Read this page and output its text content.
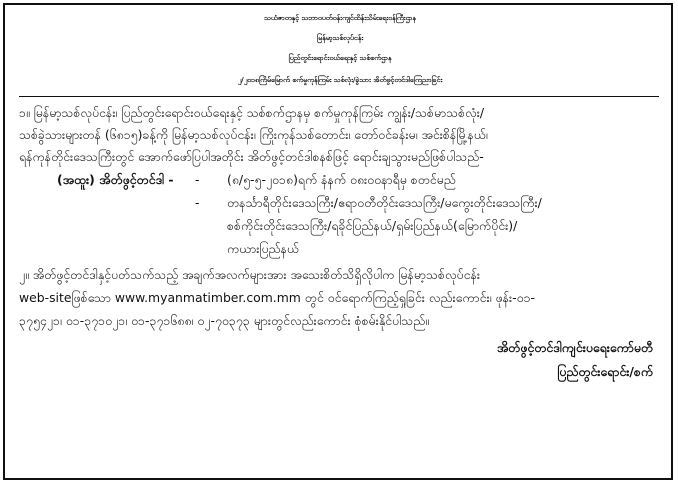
သယံဇာတနှင့် သဘာဝပတ်ဝန်းကျင်ထိန်းသိမ်းရေးဝန်ကြီးဌာန
မြန်မာ့သစ်လုပ်ငန်း
ပြည်တွင်းရောင်းဝယ်ရေးနှင့် သစ်စက်ဌာန
၂/၂၀၁၈ကြိမ်မြောက် စက်မှုကုန်ကြမ်း သစ်လုံး/ခွဲသား အိတ်ဖွင့်တင်ဒါကြေညာခြင်း
၁။ မြန်မာ့သစ်လုပ်ငန်း၊ ပြည်တွင်းရောင်းဝယ်ရေးနှင့် သစ်စက်ဌာနမှ စက်မှုကုန်ကြမ်း ကျွန်း/သစ်မာသစ်လုံး/
သစ်ခွဲသားများတန် (၆၈၁၅)ခန့်ကို မြန်မာ့သစ်လုပ်ငန်း၊ ကြိုးကုန်သစ်တောင်း၊ တော်ဝင်ခန်းမ၊ အင်းစိန်မြို့နယ်၊
ရန်ကုန်တိုင်းဒေသကြီးတွင် အောက်ဖော်ပြပါအတိုင်း အိတ်ဖွင့်တင်ဒါစနစ်ဖြင့် ရောင်းချသွားမည်ဖြစ်ပါသည်-
(အထူး) အိတ်ဖွင့်တင်ဒါ - - (၈/၅-၅-၂၀၁၈)ရက် နံနက် ၀၈း၀၀နာရီမှ စတင်မည်
- တနင်္သာရီတိုင်းဒေသကြီး/ဧရာဝတီတိုင်းဒေသကြီး/မကွေးတိုင်းဒေသကြီး/
စစ်ကိုင်းတိုင်းဒေသကြီး/ရခိုင်ပြည်နယ်/ရှမ်းပြည်နယ်(မြောက်ပိုင်း)/
ကယားပြည်နယ်
၂။ အိတ်ဖွင့်တင်ဒါနှင့်ပတ်သက်သည့် အချက်အလက်များအား အသေးစိတ်သိရှိလိုပါက မြန်မာ့သစ်လုပ်ငန်း
web-siteဖြစ်သော www.myanmatimber.com.mm တွင် ဝင်ရောက်ကြည့်ရှုခြင်း လည်းကောင်း၊ ဖုန်း-၀၁-
၃၇၅၄၂၁၊ ၀၁-၃၇၁၀၂၁၊ ၀၁-၃၇၁၆၈၈၊ ၀၂-၇၀၃၇၃ များတွင်လည်းကောင်း စုံစမ်းနိုင်ပါသည်။
အိတ်ဖွင့်တင်ဒါကျင်းပရေးကော်မတီ
ပြည်တွင်းရောင်း/စက်
